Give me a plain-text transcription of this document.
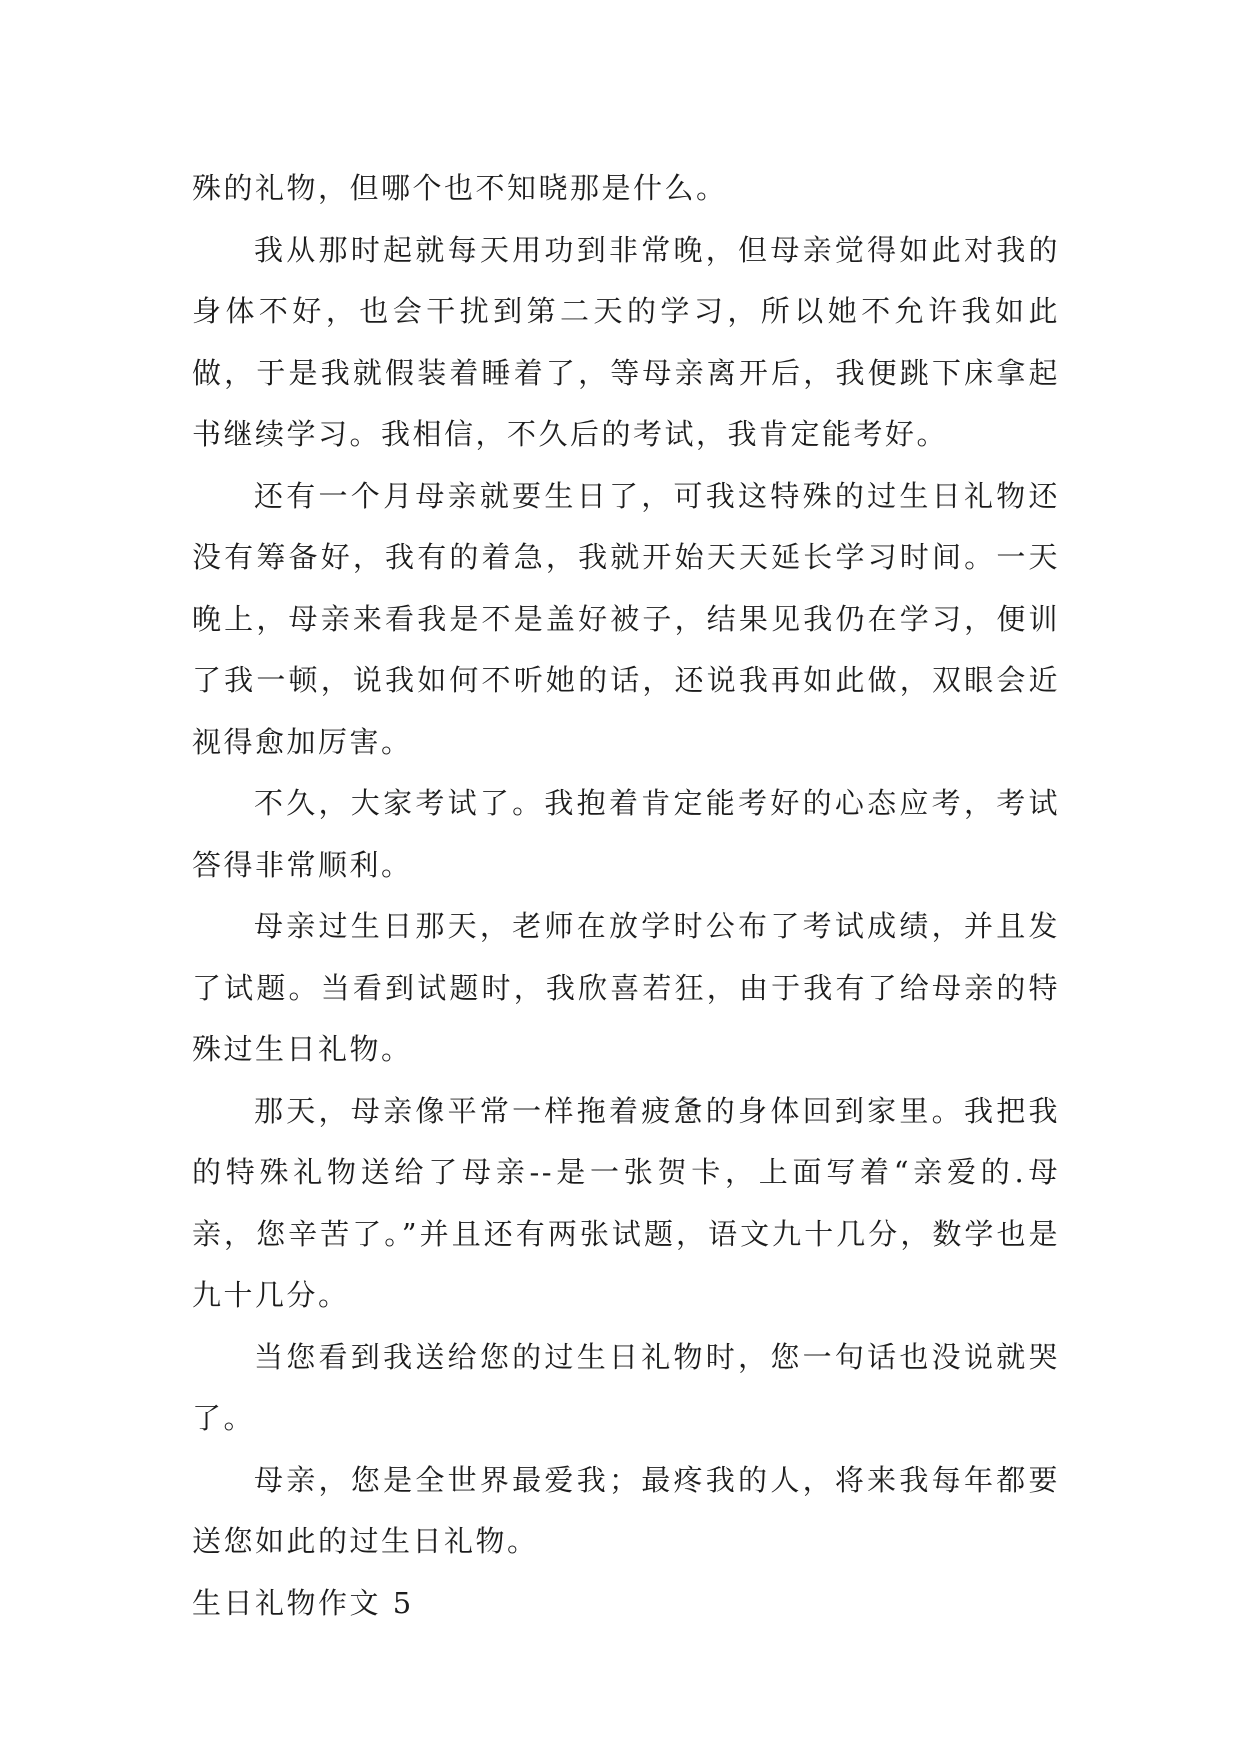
殊的礼物，但哪个也不知晓那是什么。

我从那时起就每天用功到非常晚，但母亲觉得如此对我的身体不好，也会干扰到第二天的学习，所以她不允许我如此做，于是我就假装着睡着了，等母亲离开后，我便跳下床拿起书继续学习。我相信，不久后的考试，我肯定能考好。

还有一个月母亲就要生日了，可我这特殊的过生日礼物还没有筹备好，我有的着急，我就开始天天延长学习时间。一天晚上，母亲来看我是不是盖好被子，结果见我仍在学习，便训了我一顿，说我如何不听她的话，还说我再如此做，双眼会近视得愈加厉害。

不久，大家考试了。我抱着肯定能考好的心态应考，考试答得非常顺利。

母亲过生日那天，老师在放学时公布了考试成绩，并且发了试题。当看到试题时，我欣喜若狂，由于我有了给母亲的特殊过生日礼物。

那天，母亲像平常一样拖着疲惫的身体回到家里。我把我的特殊礼物送给了母亲--是一张贺卡，上面写着“亲爱的.母亲，您辛苦了。”并且还有两张试题，语文九十几分，数学也是九十几分。

当您看到我送给您的过生日礼物时，您一句话也没说就哭了。

母亲，您是全世界最爱我；最疼我的人，将来我每年都要送您如此的过生日礼物。

生日礼物作文 5
